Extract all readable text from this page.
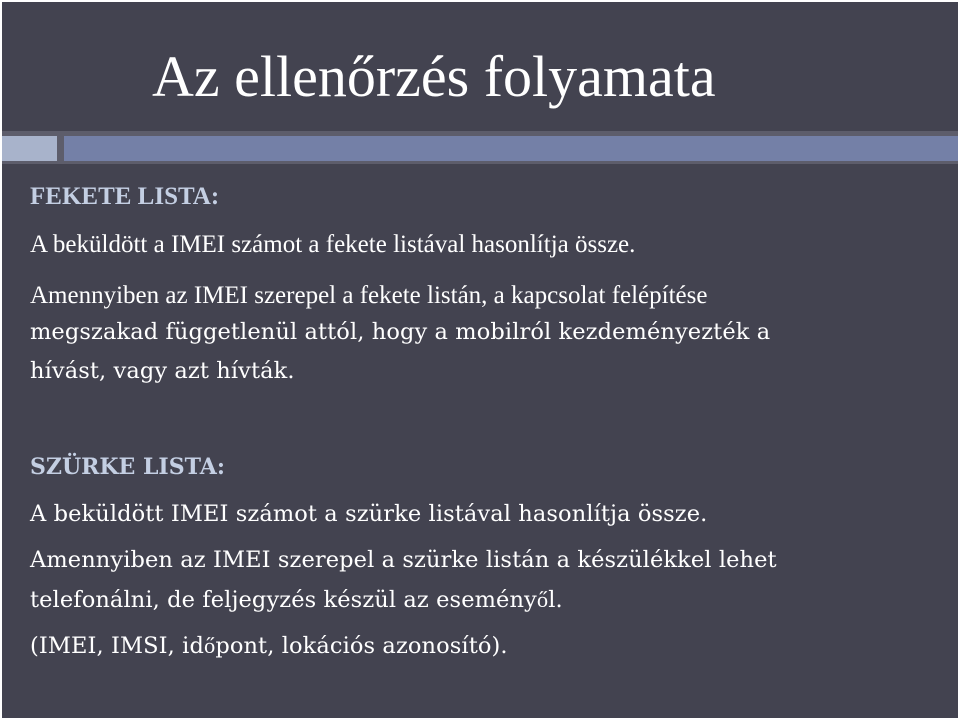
Az ellenőrzés folyamata
FEKETE LISTA:
A beküldött a IMEI számot a fekete listával hasonlítja össze.
Amennyiben az IMEI szerepel a fekete listán, a kapcsolat felépítése
megszakad függetlenül attól, hogy a mobilról kezdeményezték a
hívást, vagy azt hívták.
SZÜRKE LISTA:
A beküldött IMEI számot a szürke listával hasonlítja össze.
Amennyiben az IMEI szerepel a szürke listán a készülékkel lehet
telefonálni, de feljegyzés készül az eseményől.
(IMEI, IMSI, időpont, lokációs azonosító).
